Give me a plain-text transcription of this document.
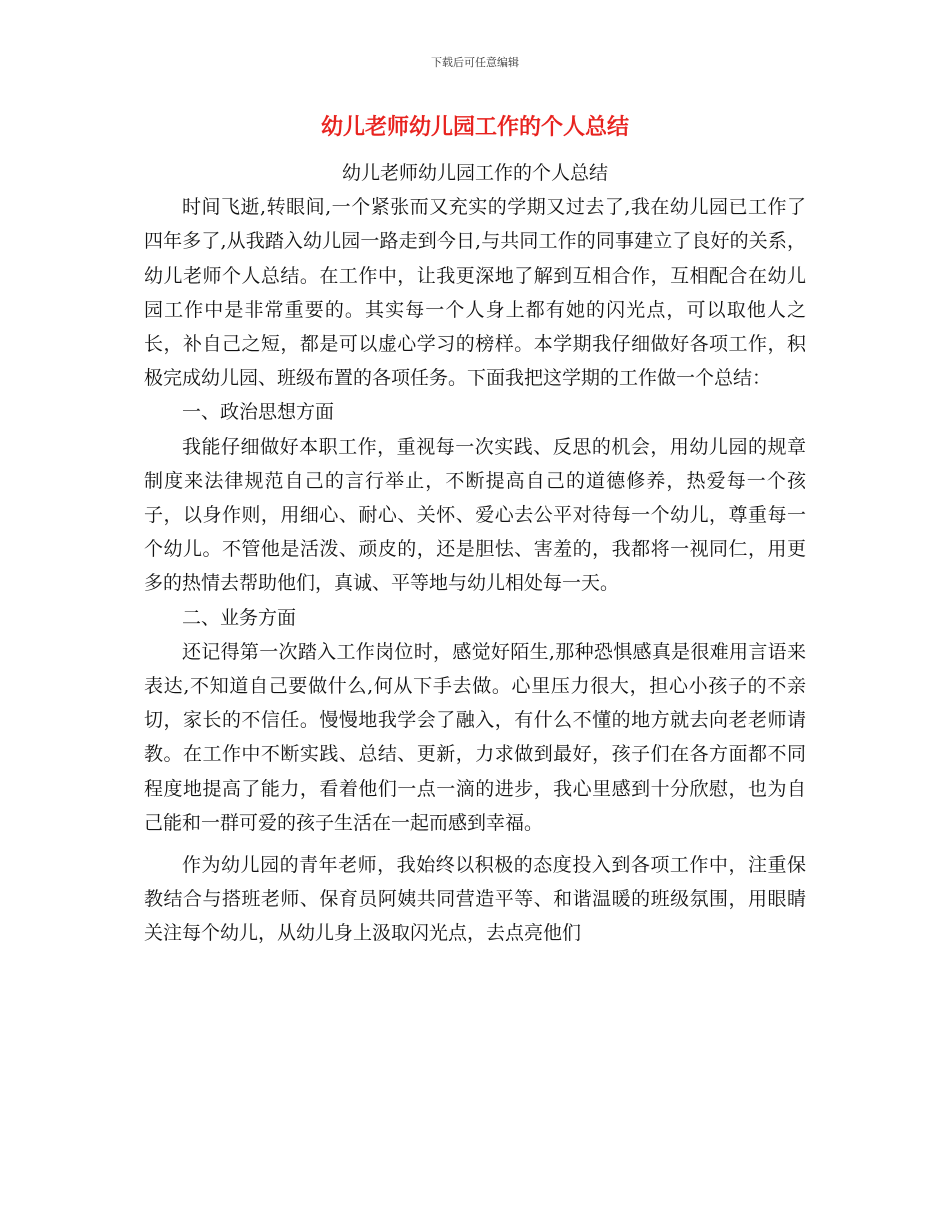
下载后可任意编辑
幼儿老师幼儿园工作的个人总结

幼儿老师幼儿园工作的个人总结

时间飞逝,转眼间,一个紧张而又充实的学期又过去了,我在幼儿园已工作了四年多了,从我踏入幼儿园一路走到今日,与共同工作的同事建立了良好的关系，幼儿老师个人总结。在工作中，让我更深地了解到互相合作，互相配合在幼儿园工作中是非常重要的。其实每一个人身上都有她的闪光点，可以取他人之长，补自己之短，都是可以虚心学习的榜样。本学期我仔细做好各项工作，积极完成幼儿园、班级布置的各项任务。下面我把这学期的工作做一个总结：

一、政治思想方面

我能仔细做好本职工作，重视每一次实践、反思的机会，用幼儿园的规章制度来法律规范自己的言行举止，不断提高自己的道德修养，热爱每一个孩子，以身作则，用细心、耐心、关怀、爱心去公平对待每一个幼儿，尊重每一个幼儿。不管他是活泼、顽皮的，还是胆怯、害羞的，我都将一视同仁，用更多的热情去帮助他们，真诚、平等地与幼儿相处每一天。

二、业务方面

还记得第一次踏入工作岗位时，感觉好陌生,那种恐惧感真是很难用言语来表达,不知道自己要做什么,何从下手去做。心里压力很大，担心小孩子的不亲切，家长的不信任。慢慢地我学会了融入，有什么不懂的地方就去向老老师请教。在工作中不断实践、总结、更新，力求做到最好，孩子们在各方面都不同程度地提高了能力，看着他们一点一滴的进步，我心里感到十分欣慰，也为自己能和一群可爱的孩子生活在一起而感到幸福。

作为幼儿园的青年老师，我始终以积极的态度投入到各项工作中，注重保教结合与搭班老师、保育员阿姨共同营造平等、和谐温暖的班级氛围，用眼睛关注每个幼儿，从幼儿身上汲取闪光点，去点亮他们
